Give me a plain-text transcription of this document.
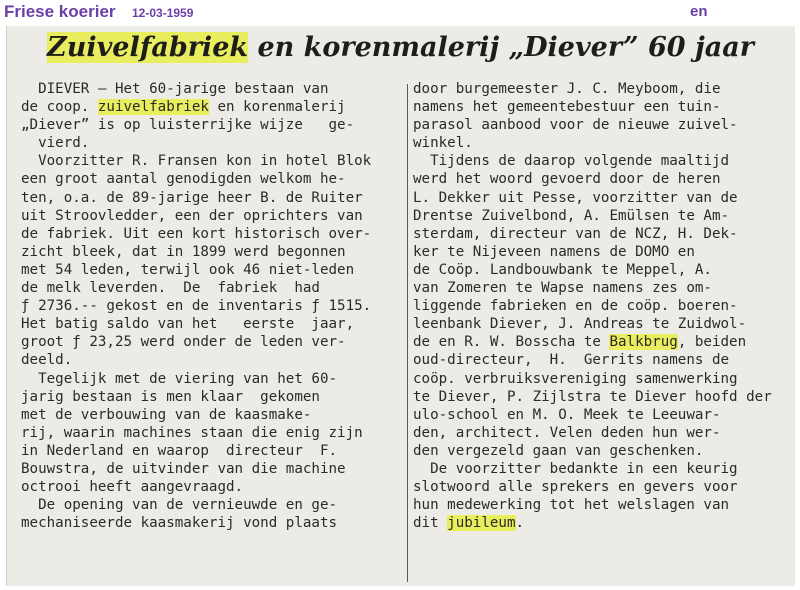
Friese koerier 12-03-1959	en
Zuivelfabriek en korenmalerij „Diever” 60 jaar
DIEVER — Het 60-jarige bestaan van
de coop. zuivelfabriek en korenmalerij
„Diever” is op luisterrijke wijze   ge-
vierd.
Voorzitter R. Fransen kon in hotel Blok
een groot aantal genodigden welkom he-
ten, o.a. de 89-jarige heer B. de Ruiter
uit Stroovledder, een der oprichters van
de fabriek. Uit een kort historisch over-
zicht bleek, dat in 1899 werd begonnen
met 54 leden, terwijl ook 46 niet-leden
de melk leverden.  De  fabriek  had
ƒ 2736.-- gekost en de inventaris ƒ 1515.
Het batig saldo van het   eerste  jaar,
groot ƒ 23,25 werd onder de leden ver-
deeld.
Tegelijk met de viering van het 60-
jarig bestaan is men klaar  gekomen
met de verbouwing van de kaasmake-
rij, waarin machines staan die enig zijn
in Nederland en waarop  directeur  F.
Bouwstra, de uitvinder van die machine
octrooi heeft aangevraagd.
De opening van de vernieuwde en ge-
mechaniseerde kaasmakerij vond plaats
door burgemeester J. C. Meyboom, die
namens het gemeentebestuur een tuin-
parasol aanbood voor de nieuwe zuivel-
winkel.
Tijdens de daarop volgende maaltijd
werd het woord gevoerd door de heren
L. Dekker uit Pesse, voorzitter van de
Drentse Zuivelbond, A. Emülsen te Am-
sterdam, directeur van de NCZ, H. Dek-
ker te Nijeveen namens de DOMO en
de Coöp. Landbouwbank te Meppel, A.
van Zomeren te Wapse namens zes om-
liggende fabrieken en de coöp. boeren-
leenbank Diever, J. Andreas te Zuidwol-
de en R. W. Bosscha te Balkbrug, beiden
oud-directeur,  H.  Gerrits namens de
coöp. verbruiksvereniging samenwerking
te Diever, P. Zijlstra te Diever hoofd der
ulo-school en M. O. Meek te Leeuwar-
den, architect. Velen deden hun wer-
den vergezeld gaan van geschenken.
De voorzitter bedankte in een keurig
slotwoord alle sprekers en gevers voor
hun medewerking tot het welslagen van
dit jubileum.
